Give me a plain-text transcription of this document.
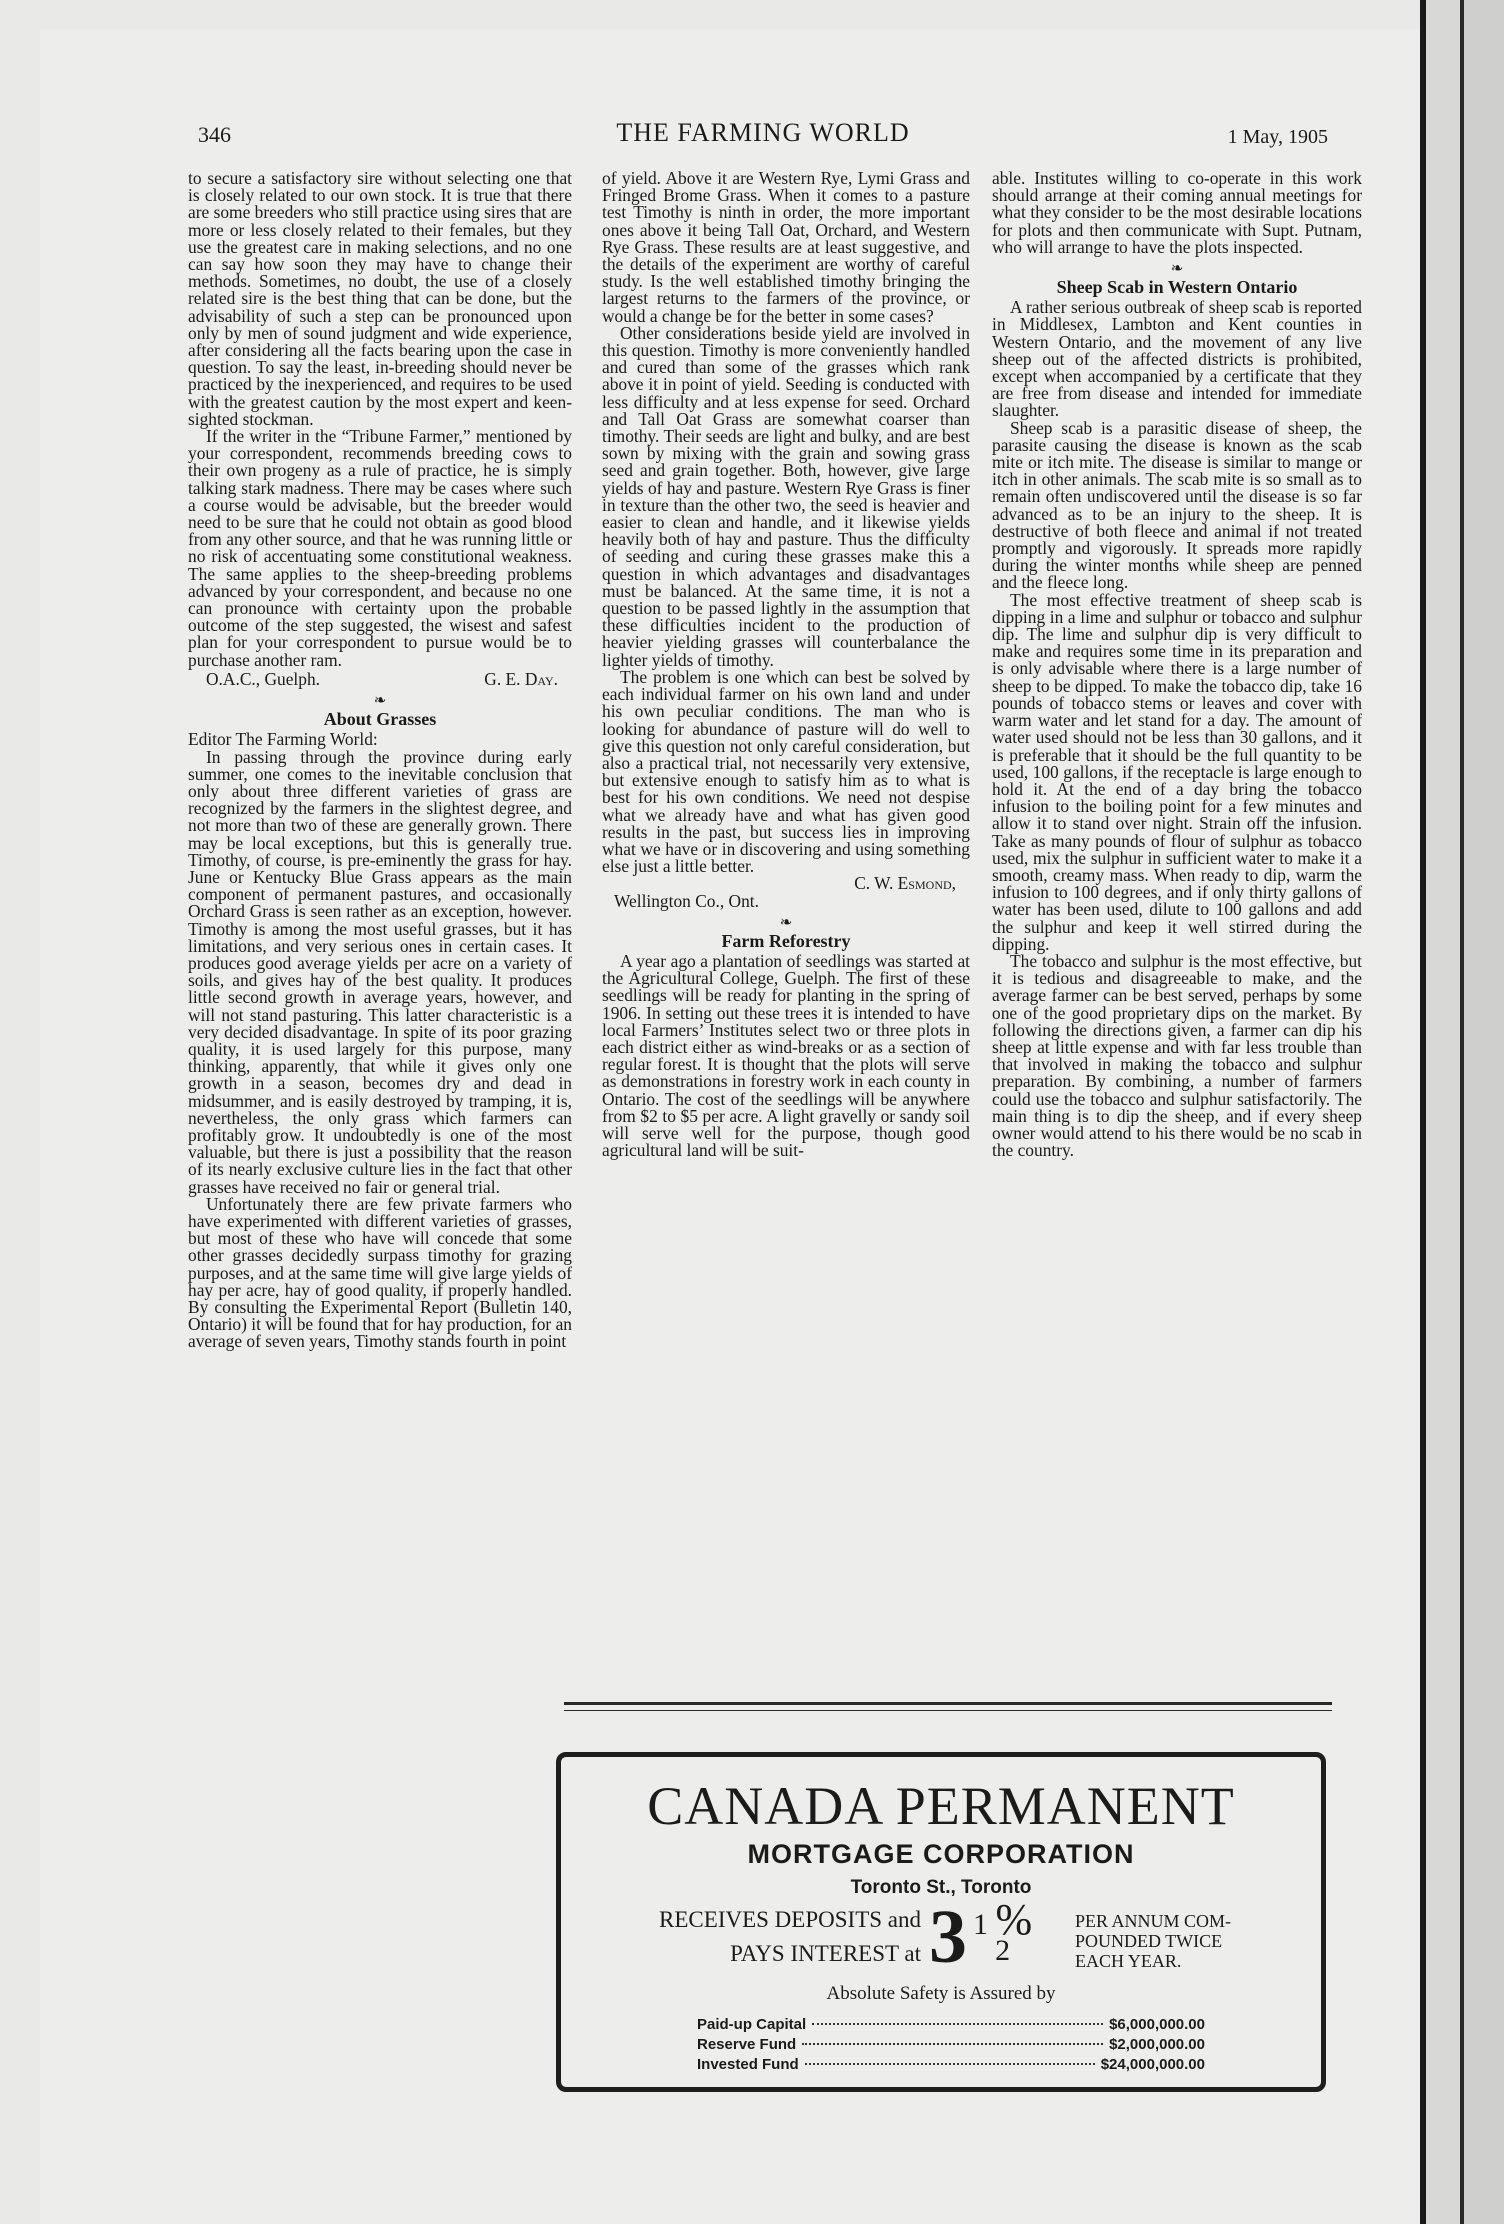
346	THE FARMING WORLD	1 May, 1905

to secure a satisfactory sire without selecting one that is closely related to our own stock. It is true that there are some breeders who still practice using sires that are more or less closely related to their females, but they use the greatest care in making selections, and no one can say how soon they may have to change their methods. Sometimes, no doubt, the use of a closely related sire is the best thing that can be done, but the advisability of such a step can be pronounced upon only by men of sound judgment and wide experience, after considering all the facts bearing upon the case in question. To say the least, in-breeding should never be practiced by the inexperienced, and requires to be used with the greatest caution by the most expert and keen-sighted stockman.

If the writer in the “Tribune Farmer,” mentioned by your correspondent, recommends breeding cows to their own progeny as a rule of practice, he is simply talking stark madness. There may be cases where such a course would be advisable, but the breeder would need to be sure that he could not obtain as good blood from any other source, and that he was running little or no risk of accentuating some constitutional weakness. The same applies to the sheep-breeding problems advanced by your correspondent, and because no one can pronounce with certainty upon the probable outcome of the step suggested, the wisest and safest plan for your correspondent to pursue would be to purchase another ram.

O.A.C., Guelph.	G. E. Day.
❧
About Grasses

Editor The Farming World:

In passing through the province during early summer, one comes to the inevitable conclusion that only about three different varieties of grass are recognized by the farmers in the slightest degree, and not more than two of these are generally grown. There may be local exceptions, but this is generally true. Timothy, of course, is pre-eminently the grass for hay. June or Kentucky Blue Grass appears as the main component of permanent pastures, and occasionally Orchard Grass is seen rather as an exception, however. Timothy is among the most useful grasses, but it has limitations, and very serious ones in certain cases. It produces good average yields per acre on a variety of soils, and gives hay of the best quality. It produces little second growth in average years, however, and will not stand pasturing. This latter characteristic is a very decided disadvantage. In spite of its poor grazing quality, it is used largely for this purpose, many thinking, apparently, that while it gives only one growth in a season, becomes dry and dead in midsummer, and is easily destroyed by tramping, it is, nevertheless, the only grass which farmers can profitably grow. It undoubtedly is one of the most valuable, but there is just a possibility that the reason of its nearly exclusive culture lies in the fact that other grasses have received no fair or general trial.

Unfortunately there are few private farmers who have experimented with different varieties of grasses, but most of these who have will concede that some other grasses decidedly surpass timothy for grazing purposes, and at the same time will give large yields of hay per acre, hay of good quality, if properly handled. By consulting the Experimental Report (Bulletin 140, Ontario) it will be found that for hay production, for an average of seven years, Timothy stands fourth in point

of yield. Above it are Western Rye, Lymi Grass and Fringed Brome Grass. When it comes to a pasture test Timothy is ninth in order, the more important ones above it being Tall Oat, Orchard, and Western Rye Grass. These results are at least suggestive, and the details of the experiment are worthy of careful study. Is the well established timothy bringing the largest returns to the farmers of the province, or would a change be for the better in some cases?

Other considerations beside yield are involved in this question. Timothy is more conveniently handled and cured than some of the grasses which rank above it in point of yield. Seeding is conducted with less difficulty and at less expense for seed. Orchard and Tall Oat Grass are somewhat coarser than timothy. Their seeds are light and bulky, and are best sown by mixing with the grain and sowing grass seed and grain together. Both, however, give large yields of hay and pasture. Western Rye Grass is finer in texture than the other two, the seed is heavier and easier to clean and handle, and it likewise yields heavily both of hay and pasture. Thus the difficulty of seeding and curing these grasses make this a question in which advantages and disadvantages must be balanced. At the same time, it is not a question to be passed lightly in the assumption that these difficulties incident to the production of heavier yielding grasses will counterbalance the lighter yields of timothy.

The problem is one which can best be solved by each individual farmer on his own land and under his own peculiar conditions. The man who is looking for abundance of pasture will do well to give this question not only careful consideration, but also a practical trial, not necessarily very extensive, but extensive enough to satisfy him as to what is best for his own conditions. We need not despise what we already have and what has given good results in the past, but success lies in improving what we have or in discovering and using something else just a little better.

C. W. Esmond,
Wellington Co., Ont.
❧
Farm Reforestry

A year ago a plantation of seedlings was started at the Agricultural College, Guelph. The first of these seedlings will be ready for planting in the spring of 1906. In setting out these trees it is intended to have local Farmers’ Institutes select two or three plots in each district either as wind-breaks or as a section of regular forest. It is thought that the plots will serve as demonstrations in forestry work in each county in Ontario. The cost of the seedlings will be anywhere from $2 to $5 per acre. A light gravelly or sandy soil will serve well for the purpose, though good agricultural land will be suit-

able. Institutes willing to co-operate in this work should arrange at their coming annual meetings for what they consider to be the most desirable locations for plots and then communicate with Supt. Putnam, who will arrange to have the plots inspected.

❧
Sheep Scab in Western Ontario

A rather serious outbreak of sheep scab is reported in Middlesex, Lambton and Kent counties in Western Ontario, and the movement of any live sheep out of the affected districts is prohibited, except when accompanied by a certificate that they are free from disease and intended for immediate slaughter.

Sheep scab is a parasitic disease of sheep, the parasite causing the disease is known as the scab mite or itch mite. The disease is similar to mange or itch in other animals. The scab mite is so small as to remain often undiscovered until the disease is so far advanced as to be an injury to the sheep. It is destructive of both fleece and animal if not treated promptly and vigorously. It spreads more rapidly during the winter months while sheep are penned and the fleece long.

The most effective treatment of sheep scab is dipping in a lime and sulphur or tobacco and sulphur dip. The lime and sulphur dip is very difficult to make and requires some time in its preparation and is only advisable where there is a large number of sheep to be dipped. To make the tobacco dip, take 16 pounds of tobacco stems or leaves and cover with warm water and let stand for a day. The amount of water used should not be less than 30 gallons, and it is preferable that it should be the full quantity to be used, 100 gallons, if the receptacle is large enough to hold it. At the end of a day bring the tobacco infusion to the boiling point for a few minutes and allow it to stand over night. Strain off the infusion. Take as many pounds of flour of sulphur as tobacco used, mix the sulphur in sufficient water to make it a smooth, creamy mass. When ready to dip, warm the infusion to 100 degrees, and if only thirty gallons of water has been used, dilute to 100 gallons and add the sulphur and keep it well stirred during the dipping.

The tobacco and sulphur is the most effective, but it is tedious and disagreeable to make, and the average farmer can be best served, perhaps by some one of the good proprietary dips on the market. By following the directions given, a farmer can dip his sheep at little expense and with far less trouble than that involved in making the tobacco and sulphur preparation. By combining, a number of farmers could use the tobacco and sulphur satisfactorily. The main thing is to dip the sheep, and if every sheep owner would attend to his there would be no scab in the country.

CANADA PERMANENT
MORTGAGE CORPORATION
Toronto St., Toronto
RECEIVES DEPOSITS and
PAYS INTEREST at 3 1 %
2
PER ANNUM COM-
POUNDED TWICE
EACH YEAR.
Absolute Safety is Assured by
Paid-up Capital	$6,000,000.00
Reserve Fund	$2,000,000.00
Invested Fund	$24,000,000.00
